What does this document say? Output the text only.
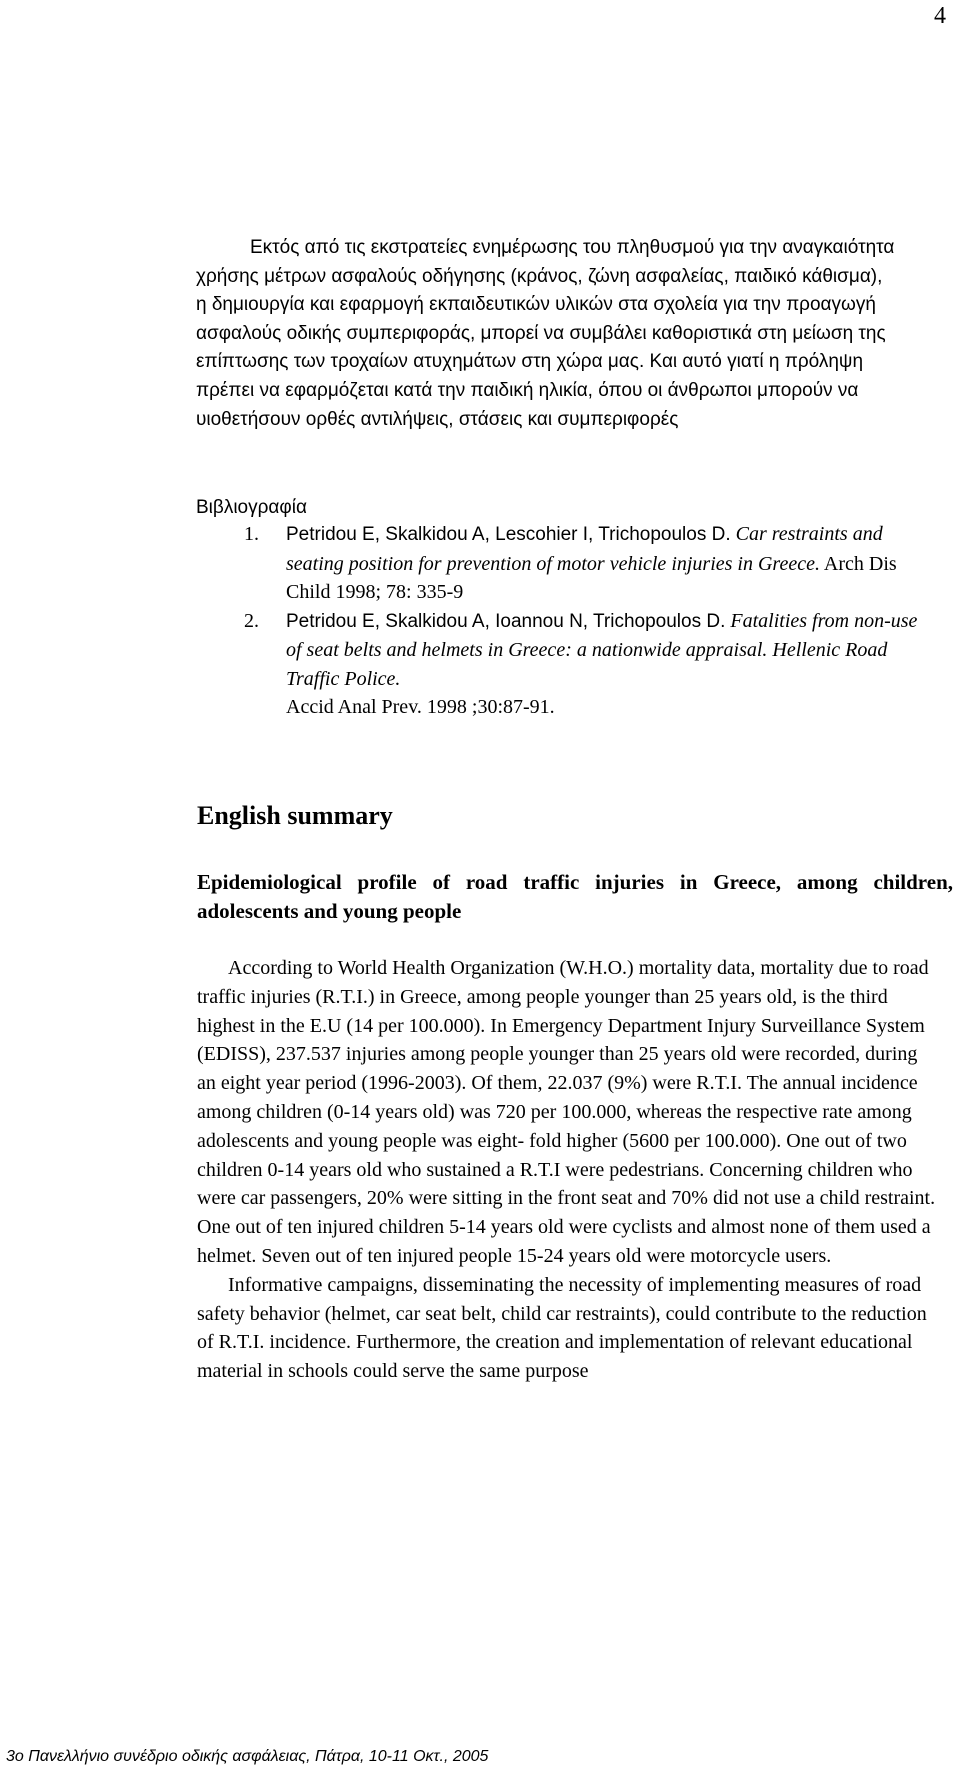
4

Εκτός από τις εκστρατείες ενημέρωσης του πληθυσμού για την αναγκαιότητα χρήσης μέτρων ασφαλούς οδήγησης (κράνος, ζώνη ασφαλείας, παιδικό κάθισμα), η δημιουργία και εφαρμογή εκπαιδευτικών υλικών στα σχολεία για την προαγωγή ασφαλούς οδικής συμπεριφοράς, μπορεί να συμβάλει καθοριστικά στη μείωση της επίπτωσης των τροχαίων ατυχημάτων στη χώρα μας. Και αυτό γιατί η πρόληψη πρέπει να εφαρμόζεται κατά την παιδική ηλικία, όπου οι άνθρωποι μπορούν να υιοθετήσουν ορθές αντιλήψεις, στάσεις και συμπεριφορές

Βιβλιογραφία
1. Petridou E, Skalkidou A, Lescohier I, Trichopoulos D. Car restraints and seating position for prevention of motor vehicle injuries in Greece. Arch Dis Child 1998; 78: 335-9
2. Petridou E, Skalkidou A, Ioannou N, Trichopoulos D. Fatalities from non-use of seat belts and helmets in Greece: a nationwide appraisal. Hellenic Road Traffic Police.
Accid Anal Prev. 1998 ;30:87-91.
English summary
Epidemiological profile of road traffic injuries in Greece, among children, adolescents and young people

According to World Health Organization (W.H.O.) mortality data, mortality due to road traffic injuries (R.T.I.) in Greece, among people younger than 25 years old, is the third highest in the E.U (14 per 100.000). In Emergency Department Injury Surveillance System (EDISS), 237.537 injuries among people younger than 25 years old were recorded, during an eight year period (1996-2003). Of them, 22.037 (9%) were R.T.I. The annual incidence among children (0-14 years old) was 720 per 100.000, whereas the respective rate among adolescents and young people was eight- fold higher (5600 per 100.000). One out of two children 0-14 years old who sustained a R.T.I were pedestrians. Concerning children who were car passengers, 20% were sitting in the front seat and 70% did not use a child restraint. One out of ten injured children 5-14 years old were cyclists and almost none of them used a helmet. Seven out of ten injured people 15-24 years old were motorcycle users.

Informative campaigns, disseminating the necessity of implementing measures of road safety behavior (helmet, car seat belt, child car restraints), could contribute to the reduction of R.T.I. incidence. Furthermore, the creation and implementation of relevant educational material in schools could serve the same purpose

3ο Πανελλήνιο συνέδριο οδικής ασφάλειας, Πάτρα, 10-11 Οκτ., 2005
